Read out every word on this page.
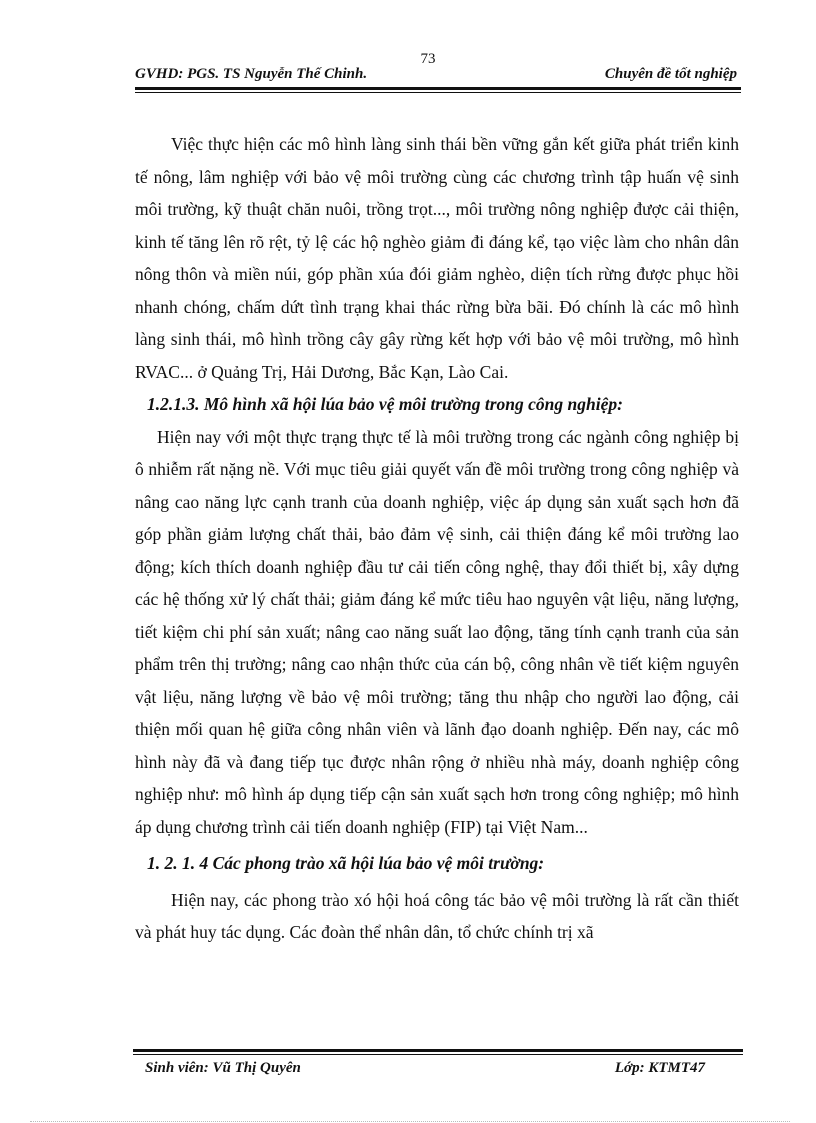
73
GVHD: PGS. TS Nguyễn Thế Chinh.	Chuyên đề tốt nghiệp

Việc thực hiện các mô hình làng sinh thái bền vững gắn kết giữa phát triển kinh tế nông, lâm nghiệp với bảo vệ môi trường cùng các chương trình tập huấn vệ sinh môi trường, kỹ thuật chăn nuôi, trồng trọt..., môi trường nông nghiệp được cải thiện, kinh tế tăng lên rõ rệt, tỷ lệ các hộ nghèo giảm đi đáng kể, tạo việc làm cho nhân dân nông thôn và miền núi, góp phần xúa đói giảm nghèo, diện tích rừng được phục hồi nhanh chóng, chấm dứt tình trạng khai thác rừng bừa bãi. Đó chính là các mô hình làng sinh thái, mô hình trồng cây gây rừng kết hợp với bảo vệ môi trường, mô hình RVAC... ở Quảng Trị, Hải Dương, Bắc Kạn, Lào Cai.

1.2.1.3. Mô hình xã hội lúa bảo vệ môi trường trong công nghiệp:

Hiện nay với một thực trạng thực tế là môi trường trong các ngành công nghiệp bị ô nhiễm rất nặng nề. Với mục tiêu giải quyết vấn đề môi trường trong công nghiệp và nâng cao năng lực cạnh tranh của doanh nghiệp, việc áp dụng sản xuất sạch hơn đã góp phần giảm lượng chất thải, bảo đảm vệ sinh, cải thiện đáng kể môi trường lao động; kích thích doanh nghiệp đầu tư cải tiến công nghệ, thay đổi thiết bị, xây dựng các hệ thống xử lý chất thải; giảm đáng kể mức tiêu hao nguyên vật liệu, năng lượng, tiết kiệm chi phí sản xuất; nâng cao năng suất lao động, tăng tính cạnh tranh của sản phẩm trên thị trường; nâng cao nhận thức của cán bộ, công nhân về tiết kiệm nguyên vật liệu, năng lượng về bảo vệ môi trường; tăng thu nhập cho người lao động, cải thiện mối quan hệ giữa công nhân viên và lãnh đạo doanh nghiệp. Đến nay, các mô hình này đã và đang tiếp tục được nhân rộng ở nhiều nhà máy, doanh nghiệp công nghiệp như: mô hình áp dụng tiếp cận sản xuất sạch hơn trong công nghiệp; mô hình áp dụng chương trình cải tiến doanh nghiệp (FIP) tại Việt Nam...

1. 2. 1. 4 Các phong trào xã hội lúa bảo vệ môi trường:

Hiện nay, các phong trào xó hội hoá công tác bảo vệ môi trường là rất cần thiết và phát huy tác dụng. Các đoàn thể nhân dân, tổ chức chính trị xã

Sinh viên: Vũ Thị Quyên	Lớp: KTMT47
